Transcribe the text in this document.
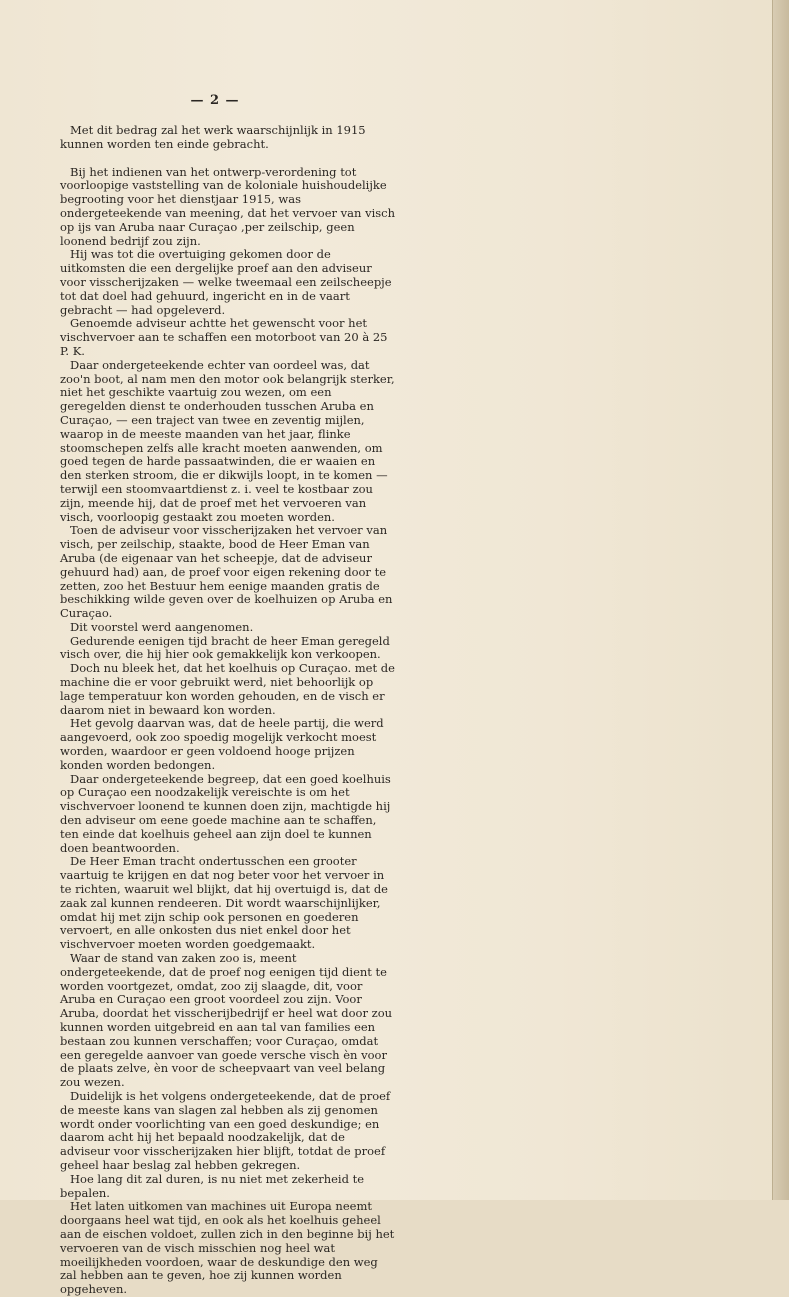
— 2 —

Met dit bedrag zal het werk waarschijnlijk in 1915 kunnen worden ten einde gebracht.

Bij het indienen van het ontwerp-verordening tot voorloopige vaststelling van de koloniale huishoudelijke begrooting voor het dienstjaar 1915, was ondergeteekende van meening, dat het vervoer van visch op ijs van Aruba naar Curaçao ,per zeilschip, geen loonend bedrijf zou zijn.

Hij was tot die overtuiging gekomen door de uitkomsten die een dergelijke proef aan den adviseur voor visscherijzaken — welke tweemaal een zeilscheepje tot dat doel had gehuurd, ingericht en in de vaart gebracht — had opgeleverd.

Genoemde adviseur achtte het gewenscht voor het vischvervoer aan te schaffen een motorboot van 20 à 25 P. K.

Daar ondergeteekende echter van oordeel was, dat zoo'n boot, al nam men den motor ook belangrijk sterker, niet het geschikte vaartuig zou wezen, om een geregelden dienst te onderhouden tusschen Aruba en Curaçao, — een traject van twee en zeventig mijlen, waarop in de meeste maanden van het jaar, flinke stoomschepen zelfs alle kracht moeten aanwenden, om goed tegen de harde passaatwinden, die er waaien en den sterken stroom, die er dikwijls loopt, in te komen — terwijl een stoomvaartdienst z. i. veel te kostbaar zou zijn, meende hij, dat de proef met het vervoeren van visch, voorloopig gestaakt zou moeten worden.

Toen de adviseur voor visscherijzaken het vervoer van visch, per zeilschip, staakte, bood de Heer Eman van Aruba (de eigenaar van het scheepje, dat de adviseur gehuurd had) aan, de proef voor eigen rekening door te zetten, zoo het Bestuur hem eenige maanden gratis de beschikking wilde geven over de koelhuizen op Aruba en Curaçao.

Dit voorstel werd aangenomen.

Gedurende eenigen tijd bracht de heer Eman geregeld visch over, die hij hier ook gemakkelijk kon verkoopen.

Doch nu bleek het, dat het koelhuis op Curaçao. met de machine die er voor gebruikt werd, niet behoorlijk op lage temperatuur kon worden gehouden, en de visch er daarom niet in bewaard kon worden.

Het gevolg daarvan was, dat de heele partij, die werd aangevoerd, ook zoo spoedig mogelijk verkocht moest worden, waardoor er geen voldoend hooge prijzen konden worden bedongen.

Daar ondergeteekende begreep, dat een goed koelhuis op Curaçao een noodzakelijk vereischte is om het vischvervoer loonend te kunnen doen zijn, machtigde hij den adviseur om eene goede machine aan te schaffen, ten einde dat koelhuis geheel aan zijn doel te kunnen doen beantwoorden.

De Heer Eman tracht ondertusschen een grooter vaartuig te krijgen en dat nog beter voor het vervoer in te richten, waaruit wel blijkt, dat hij overtuigd is, dat de zaak zal kunnen rendeeren. Dit wordt waarschijnlijker, omdat hij met zijn schip ook personen en goederen vervoert, en alle onkosten dus niet enkel door het vischvervoer moeten worden goedgemaakt.

Waar de stand van zaken zoo is, meent ondergeteekende, dat de proef nog eenigen tijd dient te worden voortgezet, omdat, zoo zij slaagde, dit, voor Aruba en Curaçao een groot voordeel zou zijn. Voor Aruba, doordat het visscherijbedrijf er heel wat door zou kunnen worden uitgebreid en aan tal van families een bestaan zou kunnen verschaffen; voor Curaçao, omdat een geregelde aanvoer van goede versche visch èn voor de plaats zelve, èn voor de scheepvaart van veel belang zou wezen.

Duidelijk is het volgens ondergeteekende, dat de proef de meeste kans van slagen zal hebben als zij genomen wordt onder voorlichting van een goed deskundige; en daarom acht hij het bepaald noodzakelijk, dat de adviseur voor visscherijzaken hier blijft, totdat de proef geheel haar beslag zal hebben gekregen.

Hoe lang dit zal duren, is nu niet met zekerheid te bepalen.

Het laten uitkomen van machines uit Europa neemt doorgaans heel wat tijd, en ook als het koelhuis geheel aan de eischen voldoet, zullen zich in den beginne bij het vervoeren van de visch misschien nog heel wat moeilijkheden voordoen, waar de deskundige den weg zal hebben aan te geven, hoe zij kunnen worden opgeheven.
